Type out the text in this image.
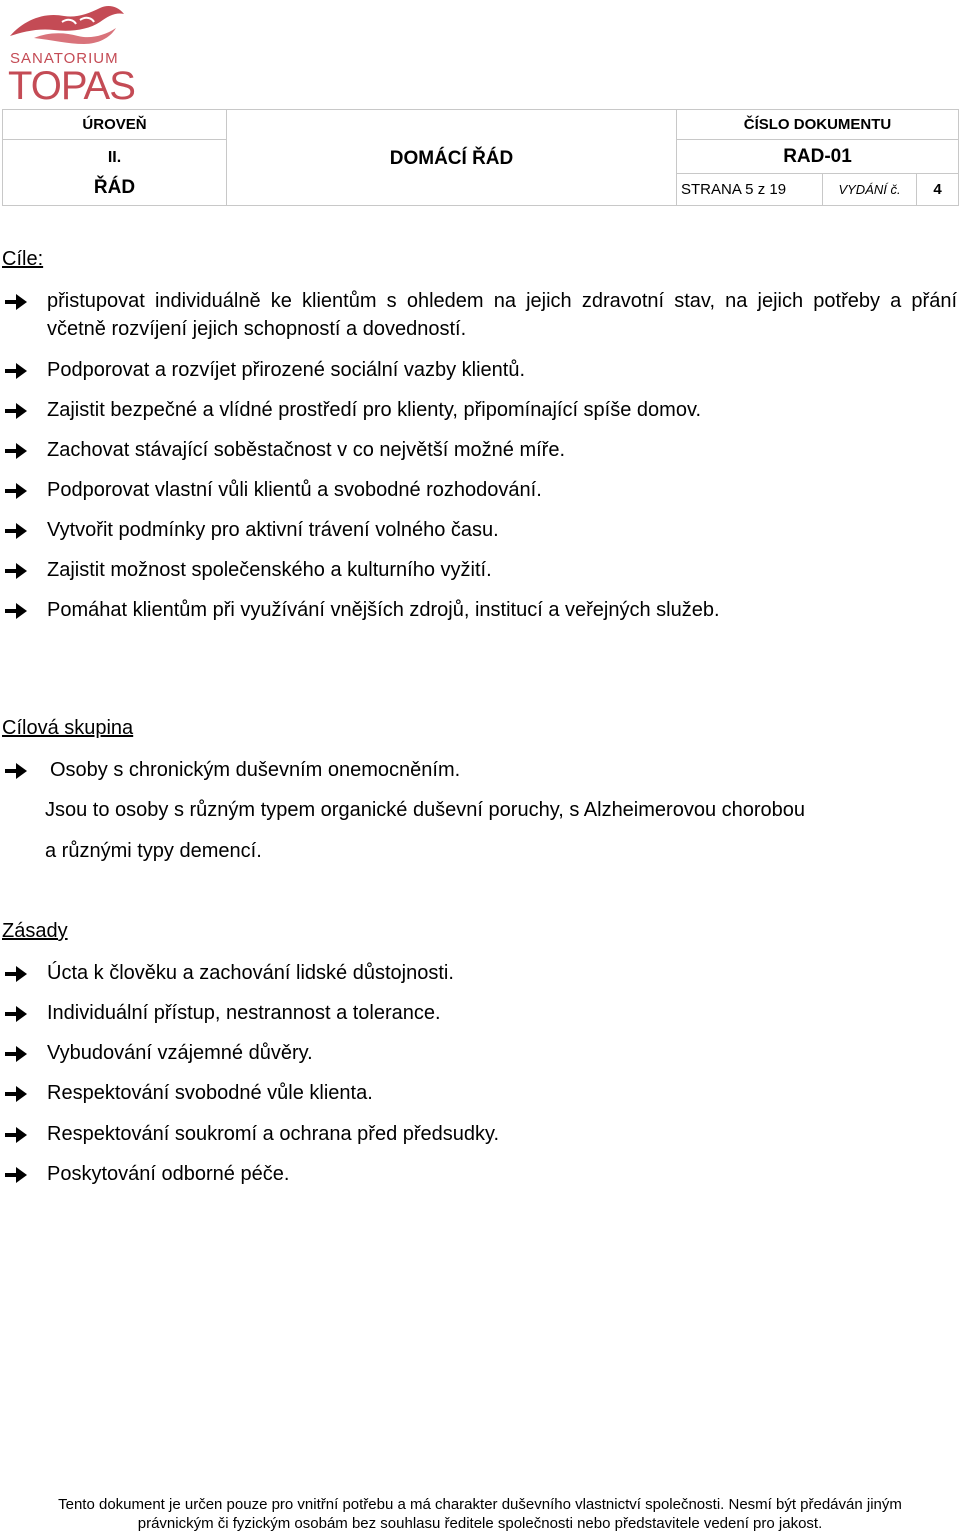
SANATORIUM
TOPAS
ÚROVEŇ	DOMÁCÍ ŘÁD	ČÍSLO DOKUMENTU		

II.
ŘÁD		RAD-01		
		STRANA 5 z 19	VYDÁNÍ č.	4
Cíle:
přistupovat individuálně ke klientům s ohledem na jejich zdravotní stav, na jejich potřeby a přání včetně rozvíjení jejich schopností a dovedností.
Podporovat a rozvíjet přirozené sociální vazby klientů.
Zajistit bezpečné a vlídné prostředí pro klienty, připomínající spíše domov.
Zachovat stávající soběstačnost v co největší možné míře.
Podporovat vlastní vůli klientů a svobodné rozhodování.
Vytvořit podmínky pro aktivní trávení volného času.
Zajistit možnost společenského a kulturního vyžití.
Pomáhat klientům při využívání vnějších zdrojů, institucí a veřejných služeb.
Cílová skupina
Osoby s chronickým duševním onemocněním.
Jsou to osoby s různým typem organické duševní poruchy, s Alzheimerovou chorobou
a různými typy demencí.
Zásady
Úcta k člověku a zachování lidské důstojnosti.
Individuální přístup, nestrannost a tolerance.
Vybudování vzájemné důvěry.
Respektování svobodné vůle klienta.
Respektování soukromí a ochrana před předsudky.
Poskytování odborné péče.
Tento dokument je určen pouze pro vnitřní potřebu a má charakter duševního vlastnictví společnosti. Nesmí být předáván jiným
právnickým či fyzickým osobám bez souhlasu ředitele společnosti nebo představitele vedení pro jakost.
